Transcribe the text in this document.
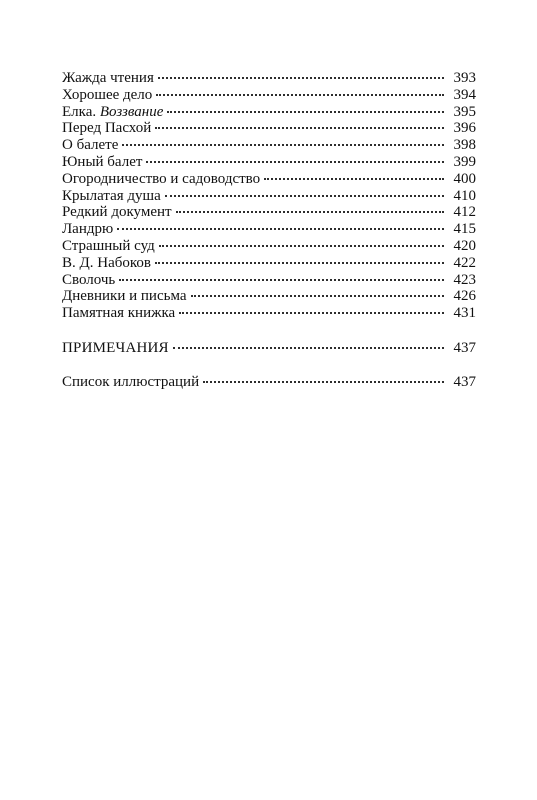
Жажда чтения	393
Хорошее дело	394
Елка. Воззвание	395
Перед Пасхой	396
О балете	398
Юный балет	399
Огородничество и садоводство	400
Крылатая душа	410
Редкий документ	412
Ландрю	415
Страшный суд	420
В. Д. Набоков	422
Сволочь	423
Дневники и письма	426
Памятная книжка	431
ПРИМЕЧАНИЯ	437
Список иллюстраций	437
